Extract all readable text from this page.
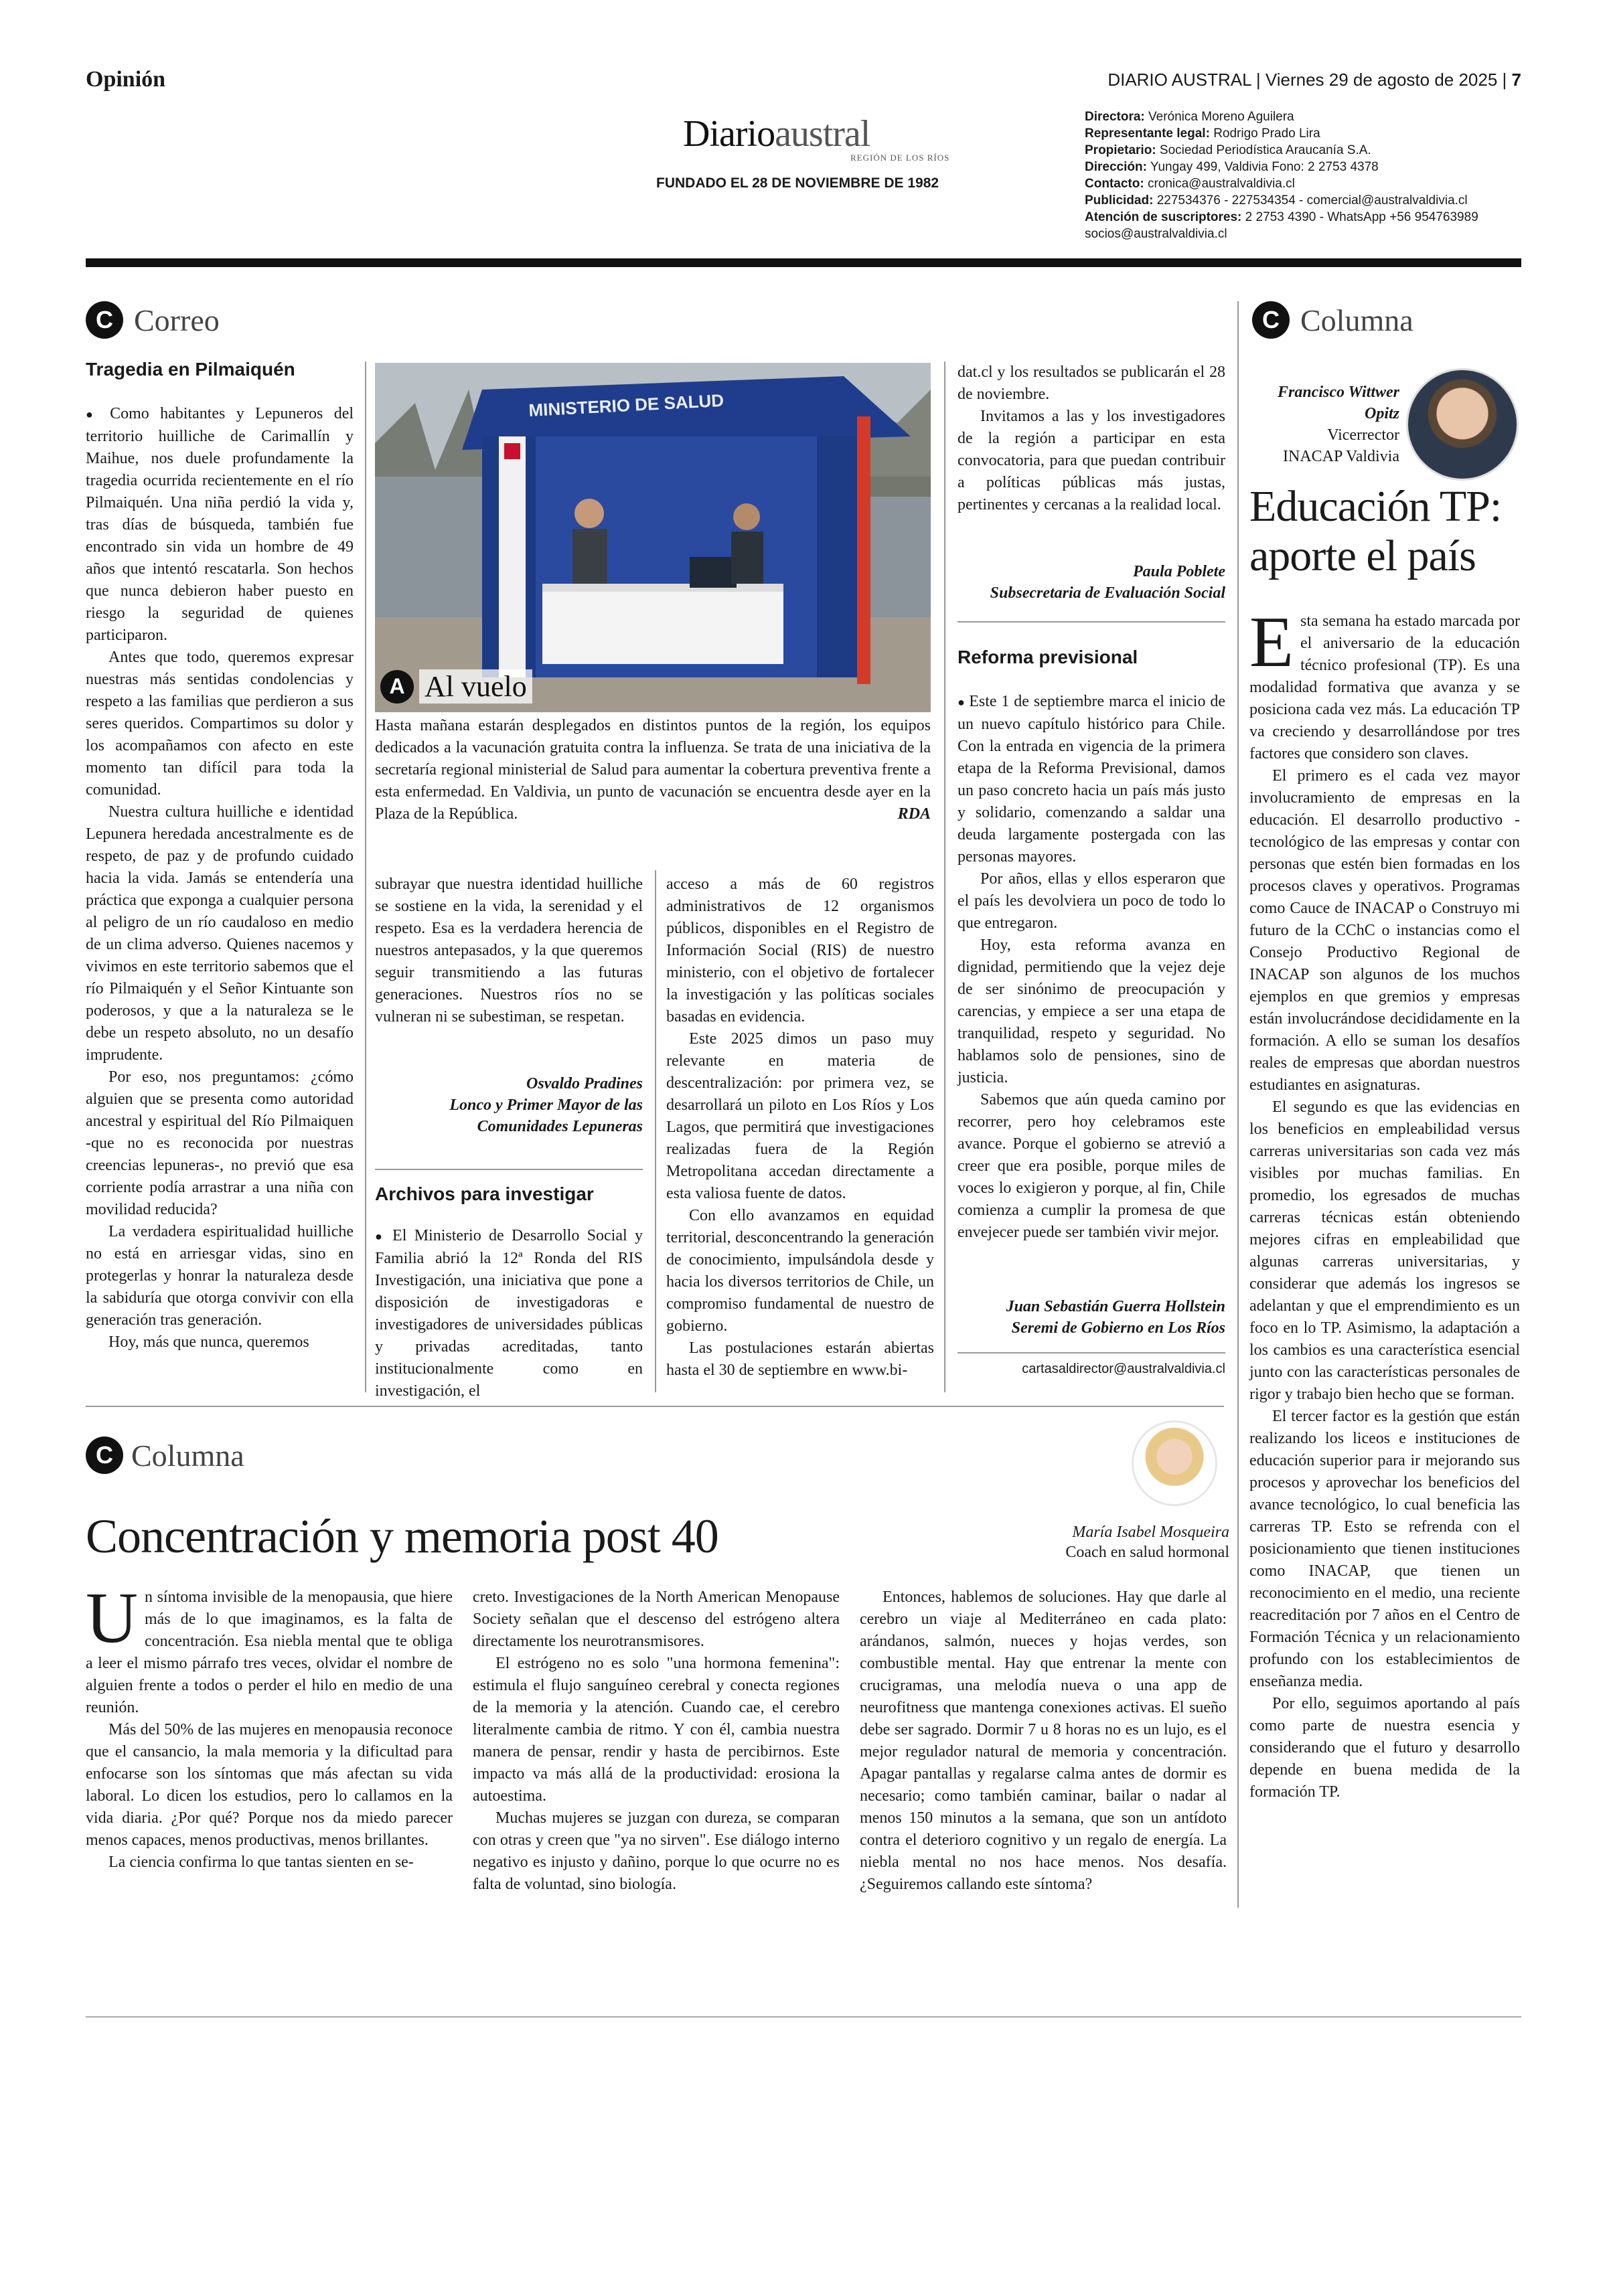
Opinión	DIARIO AUSTRAL | Viernes 29 de agosto de 2025 | 7
Diarioaustral
REGIÓN DE LOS RÍOS
FUNDADO EL 28 DE NOVIEMBRE DE 1982
Directora: Verónica Moreno Aguilera
Representante legal: Rodrigo Prado Lira
Propietario: Sociedad Periodística Araucanía S.A.
Dirección: Yungay 499, Valdivia Fono: 2 2753 4378
Contacto: cronica@australvaldivia.cl
Publicidad: 227534376 - 227534354 - comercial@australvaldivia.cl
Atención de suscriptores: 2 2753 4390 - WhatsApp +56 954763989
socios@australvaldivia.cl
C Correo
Tragedia en Pilmaiquén

● Como habitantes y Lepuneros del territorio huilliche de Carimallín y Maihue, nos duele profundamente la tragedia ocurrida recientemente en el río Pilmaiquén. Una niña perdió la vida y, tras días de búsqueda, también fue encontrado sin vida un hombre de 49 años que intentó rescatarla. Son hechos que nunca debieron haber puesto en riesgo la seguridad de quienes participaron.

Antes que todo, queremos expresar nuestras más sentidas condolencias y respeto a las familias que perdieron a sus seres queridos. Compartimos su dolor y los acompañamos con afecto en este momento tan difícil para toda la comunidad.

Nuestra cultura huilliche e identidad Lepunera heredada ancestralmente es de respeto, de paz y de profundo cuidado hacia la vida. Jamás se entendería una práctica que exponga a cualquier persona al peligro de un río caudaloso en medio de un clima adverso. Quienes nacemos y vivimos en este territorio sabemos que el río Pilmaiquén y el Señor Kintuante son poderosos, y que a la naturaleza se le debe un respeto absoluto, no un desafío imprudente.

Por eso, nos preguntamos: ¿cómo alguien que se presenta como autoridad ancestral y espiritual del Río Pilmaiquen -que no es reconocida por nuestras creencias lepuneras-, no previó que esa corriente podía arrastrar a una niña con movilidad reducida?

La verdadera espiritualidad huilliche no está en arriesgar vidas, sino en protegerlas y honrar la naturaleza desde la sabiduría que otorga convivir con ella generación tras generación.

Hoy, más que nunca, queremos

MINISTERIO DE SALUD
A Al vuelo
Hasta mañana estarán desplegados en distintos puntos de la región, los equipos dedicados a la vacunación gratuita contra la influenza. Se trata de una iniciativa de la secretaría regional ministerial de Salud para aumentar la cobertura preventiva frente a esta enfermedad. En Valdivia, un punto de vacunación se encuentra desde ayer en la Plaza de la República.	RDA

subrayar que nuestra identidad huilliche se sostiene en la vida, la serenidad y el respeto. Esa es la verdadera herencia de nuestros antepasados, y la que queremos seguir transmitiendo a las futuras generaciones. Nuestros ríos no se vulneran ni se subestiman, se respetan.

Osvaldo Pradines
Lonco y Primer Mayor de las Comunidades Lepuneras
Archivos para investigar

● El Ministerio de Desarrollo Social y Familia abrió la 12ª Ronda del RIS Investigación, una iniciativa que pone a disposición de investigadoras e investigadores de universidades públicas y privadas acreditadas, tanto institucionalmente como en investigación, el

acceso a más de 60 registros administrativos de 12 organismos públicos, disponibles en el Registro de Información Social (RIS) de nuestro ministerio, con el objetivo de fortalecer la investigación y las políticas sociales basadas en evidencia.

Este 2025 dimos un paso muy relevante en materia de descentralización: por primera vez, se desarrollará un piloto en Los Ríos y Los Lagos, que permitirá que investigaciones realizadas fuera de la Región Metropolitana accedan directamente a esta valiosa fuente de datos.

Con ello avanzamos en equidad territorial, desconcentrando la generación de conocimiento, impulsándola desde y hacia los diversos territorios de Chile, un compromiso fundamental de nuestro de gobierno.

Las postulaciones estarán abiertas hasta el 30 de septiembre en www.bi-

dat.cl y los resultados se publicarán el 28 de noviembre.

Invitamos a las y los investigadores de la región a participar en esta convocatoria, para que puedan contribuir a políticas públicas más justas, pertinentes y cercanas a la realidad local.

Paula Poblete
Subsecretaria de Evaluación Social
Reforma previsional

● Este 1 de septiembre marca el inicio de un nuevo capítulo histórico para Chile. Con la entrada en vigencia de la primera etapa de la Reforma Previsional, damos un paso concreto hacia un país más justo y solidario, comenzando a saldar una deuda largamente postergada con las personas mayores.

Por años, ellas y ellos esperaron que el país les devolviera un poco de todo lo que entregaron.

Hoy, esta reforma avanza en dignidad, permitiendo que la vejez deje de ser sinónimo de preocupación y carencias, y empiece a ser una etapa de tranquilidad, respeto y seguridad. No hablamos solo de pensiones, sino de justicia.

Sabemos que aún queda camino por recorrer, pero hoy celebramos este avance. Porque el gobierno se atrevió a creer que era posible, porque miles de voces lo exigieron y porque, al fin, Chile comienza a cumplir la promesa de que envejecer puede ser también vivir mejor.

Juan Sebastián Guerra Hollstein
Seremi de Gobierno en Los Ríos
cartasaldirector@australvaldivia.cl
C Columna
Francisco Wittwer Opitz
Vicerrector
INACAP Valdivia
Educación TP: aporte el país

Esta semana ha estado marcada por el aniversario de la educación técnico profesional (TP). Es una modalidad formativa que avanza y se posiciona cada vez más. La educación TP va creciendo y desarrollándose por tres factores que considero son claves.

El primero es el cada vez mayor involucramiento de empresas en la educación. El desarrollo productivo - tecnológico de las empresas y contar con personas que estén bien formadas en los procesos claves y operativos. Programas como Cauce de INACAP o Construyo mi futuro de la CChC o instancias como el Consejo Productivo Regional de INACAP son algunos de los muchos ejemplos en que gremios y empresas están involucrándose decididamente en la formación. A ello se suman los desafíos reales de empresas que abordan nuestros estudiantes en asignaturas.

El segundo es que las evidencias en los beneficios en empleabilidad versus carreras universitarias son cada vez más visibles por muchas familias. En promedio, los egresados de muchas carreras técnicas están obteniendo mejores cifras en empleabilidad que algunas carreras universitarias, y considerar que además los ingresos se adelantan y que el emprendimiento es un foco en lo TP. Asimismo, la adaptación a los cambios es una característica esencial junto con las características personales de rigor y trabajo bien hecho que se forman.

El tercer factor es la gestión que están realizando los liceos e instituciones de educación superior para ir mejorando sus procesos y aprovechar los beneficios del avance tecnológico, lo cual beneficia las carreras TP. Esto se refrenda con el posicionamiento que tienen instituciones como INACAP, que tienen un reconocimiento en el medio, una reciente reacreditación por 7 años en el Centro de Formación Técnica y un relacionamiento profundo con los establecimientos de enseñanza media.

Por ello, seguimos aportando al país como parte de nuestra esencia y considerando que el futuro y desarrollo depende en buena medida de la formación TP.

C Columna
María Isabel Mosqueira
Coach en salud hormonal
Concentración y memoria post 40

Un síntoma invisible de la menopausia, que hiere más de lo que imaginamos, es la falta de concentración. Esa niebla mental que te obliga a leer el mismo párrafo tres veces, olvidar el nombre de alguien frente a todos o perder el hilo en medio de una reunión.

Más del 50% de las mujeres en menopausia reconoce que el cansancio, la mala memoria y la dificultad para enfocarse son los síntomas que más afectan su vida laboral. Lo dicen los estudios, pero lo callamos en la vida diaria. ¿Por qué? Porque nos da miedo parecer menos capaces, menos productivas, menos brillantes.

La ciencia confirma lo que tantas sienten en se-

creto. Investigaciones de la North American Menopause Society señalan que el descenso del estrógeno altera directamente los neurotransmisores.

El estrógeno no es solo "una hormona femenina": estimula el flujo sanguíneo cerebral y conecta regiones de la memoria y la atención. Cuando cae, el cerebro literalmente cambia de ritmo. Y con él, cambia nuestra manera de pensar, rendir y hasta de percibirnos. Este impacto va más allá de la productividad: erosiona la autoestima.

Muchas mujeres se juzgan con dureza, se comparan con otras y creen que "ya no sirven". Ese diálogo interno negativo es injusto y dañino, porque lo que ocurre no es falta de voluntad, sino biología.

Entonces, hablemos de soluciones. Hay que darle al cerebro un viaje al Mediterráneo en cada plato: arándanos, salmón, nueces y hojas verdes, son combustible mental. Hay que entrenar la mente con crucigramas, una melodía nueva o una app de neurofitness que mantenga conexiones activas. El sueño debe ser sagrado. Dormir 7 u 8 horas no es un lujo, es el mejor regulador natural de memoria y concentración. Apagar pantallas y regalarse calma antes de dormir es necesario; como también caminar, bailar o nadar al menos 150 minutos a la semana, que son un antídoto contra el deterioro cognitivo y un regalo de energía. La niebla mental no nos hace menos. Nos desafía. ¿Seguiremos callando este síntoma?
